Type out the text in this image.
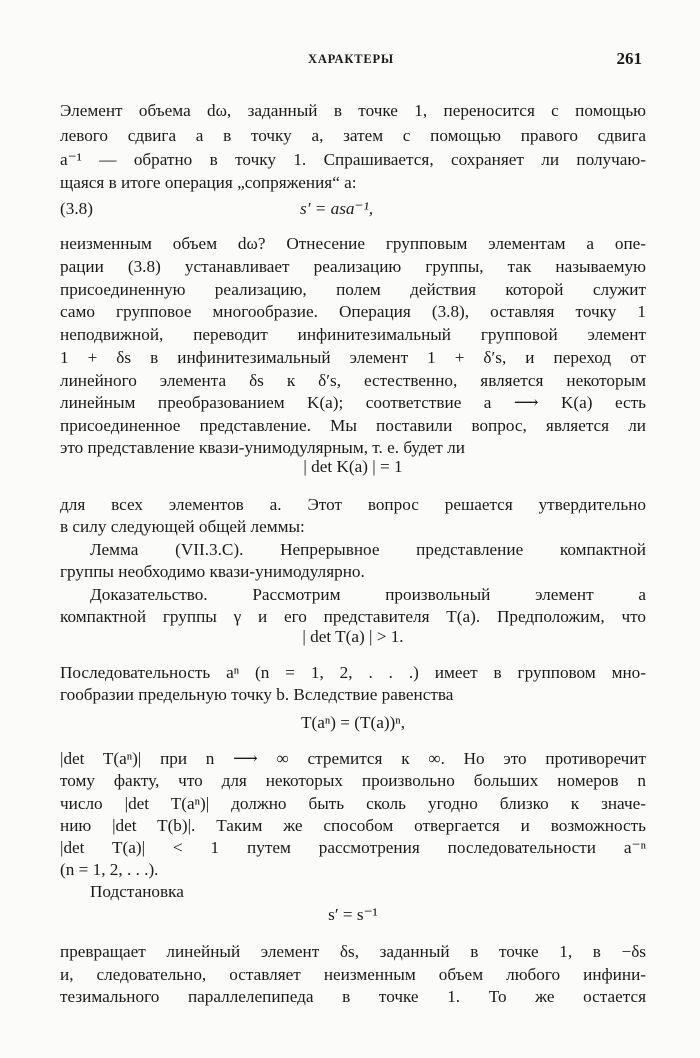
ХАРАКТЕРЫ	261
Элемент объема dω, заданный в точке 1, переносится с помощью
левого сдвига a в точку a, затем с помощью правого сдвига
a⁻¹ — обратно в точку 1. Спрашивается, сохраняет ли получаю-
щаяся в итоге операция „сопряжения“ a:
(3.8)	s′ = asa⁻¹,
неизменным объем dω? Отнесение групповым элементам a опе-
рации (3.8) устанавливает реализацию группы, так называемую
присоединенную реализацию, полем действия которой служит
само групповое многообразие. Операция (3.8), оставляя точку 1
неподвижной, переводит инфинитезимальный групповой элемент
1 + δs в инфинитезимальный элемент 1 + δ′s, и переход от
линейного элемента δs к δ′s, естественно, является некоторым
линейным преобразованием K(a); соответствие a ⟶ K(a) есть
присоединенное представление. Мы поставили вопрос, является ли
это представление квази-унимодулярным, т. е. будет ли
| det K(a) | = 1
для всех элементов a. Этот вопрос решается утвердительно
в силу следующей общей леммы:
Лемма (VII.3.C). Непрерывное представление компактной
группы необходимо квази-унимодулярно.
Доказательство. Рассмотрим произвольный элемент a
компактной группы γ и его представителя T(a). Предположим, что
| det T(a) | > 1.
Последовательность aⁿ (n = 1, 2, . . .) имеет в групповом мно-
гообразии предельную точку b. Вследствие равенства
T(aⁿ) = (T(a))ⁿ,
|det T(aⁿ)| при n ⟶ ∞ стремится к ∞. Но это противоречит
тому факту, что для некоторых произвольно больших номеров n
число |det T(aⁿ)| должно быть сколь угодно близко к значе-
нию |det T(b)|. Таким же способом отвергается и возможность
|det T(a)| < 1 путем рассмотрения последовательности a⁻ⁿ
(n = 1, 2, . . .).
Подстановка
s′ = s⁻¹
превращает линейный элемент δs, заданный в точке 1, в −δs
и, следовательно, оставляет неизменным объем любого инфини-
тезимального параллелепипеда в точке 1. То же остается
